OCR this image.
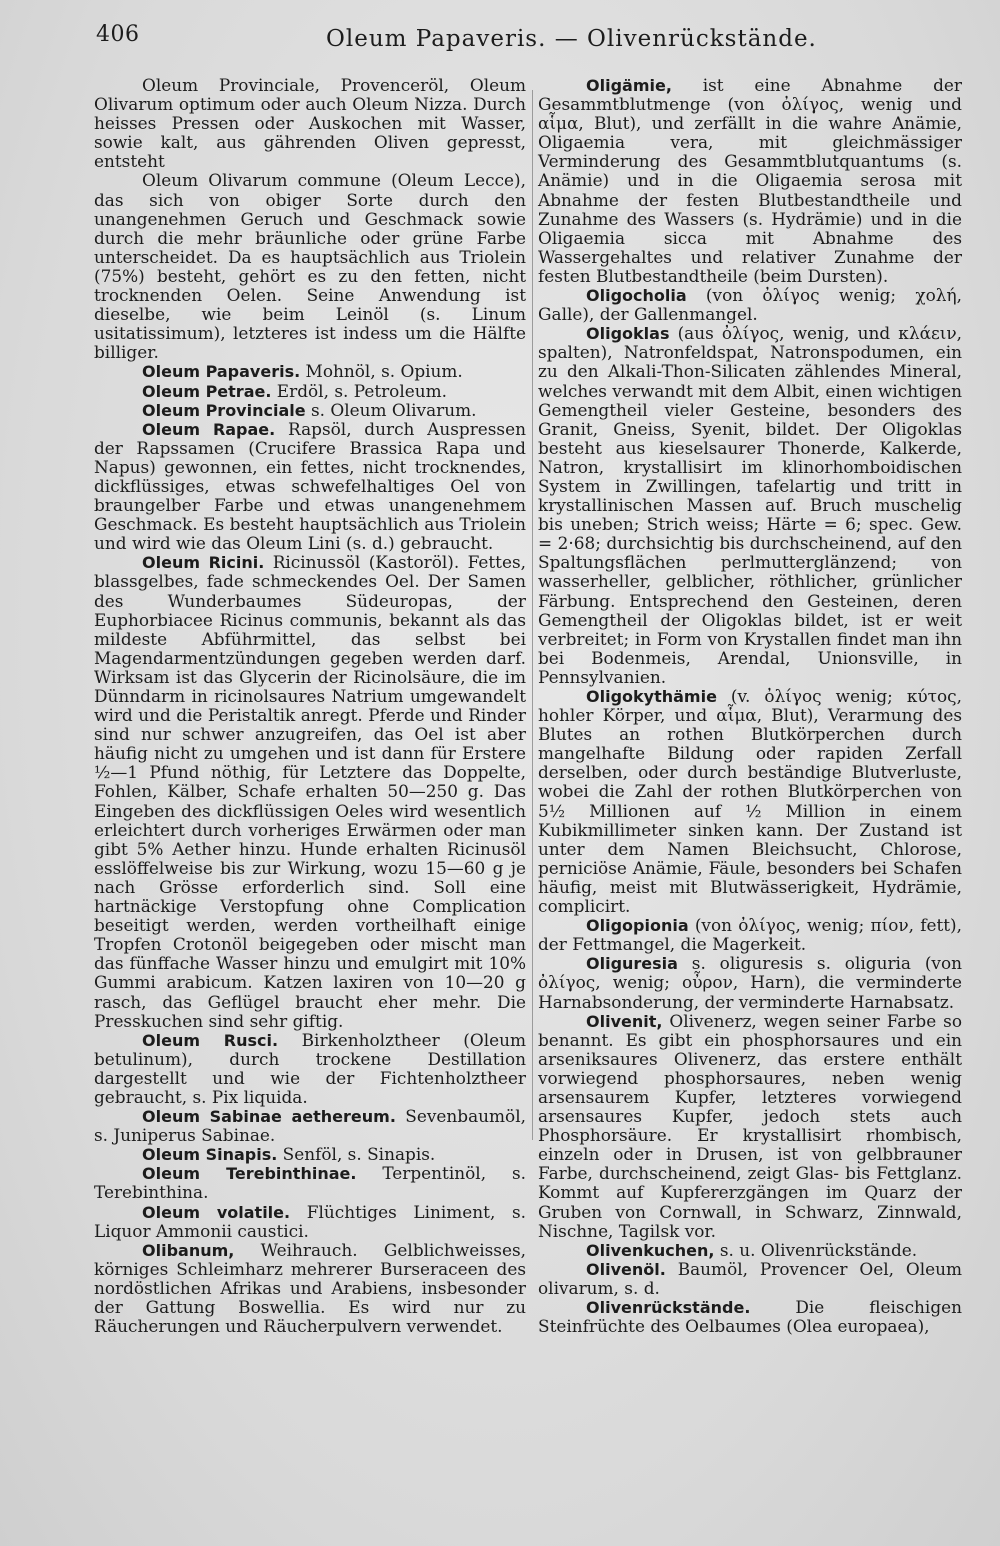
406	Oleum Papaveris. — Olivenrückstände.

Oleum Provinciale, Provenceröl, Oleum Olivarum optimum oder auch Oleum Nizza. Durch heisses Pressen oder Auskochen mit Wasser, sowie kalt, aus gährenden Oliven gepresst, entsteht

Oleum Olivarum commune (Oleum Lecce), das sich von obiger Sorte durch den unangenehmen Geruch und Geschmack sowie durch die mehr bräunliche oder grüne Farbe unterscheidet. Da es hauptsächlich aus Triolein (75%) besteht, gehört es zu den fetten, nicht trocknenden Oelen. Seine Anwendung ist dieselbe, wie beim Leinöl (s. Linum usitatissimum), letzteres ist indess um die Hälfte billiger.

Oleum Papaveris. Mohnöl, s. Opium.

Oleum Petrae. Erdöl, s. Petroleum.

Oleum Provinciale s. Oleum Olivarum.

Oleum Rapae. Rapsöl, durch Auspressen der Rapssamen (Crucifere Brassica Rapa und Napus) gewonnen, ein fettes, nicht trocknendes, dickflüssiges, etwas schwefelhaltiges Oel von braungelber Farbe und etwas unangenehmem Geschmack. Es besteht hauptsächlich aus Triolein und wird wie das Oleum Lini (s. d.) gebraucht.

Oleum Ricini. Ricinussöl (Kastoröl). Fettes, blassgelbes, fade schmeckendes Oel. Der Samen des Wunderbaumes Südeuropas, der Euphorbiacee Ricinus communis, bekannt als das mildeste Abführmittel, das selbst bei Magendarmentzündungen gegeben werden darf. Wirksam ist das Glycerin der Ricinolsäure, die im Dünndarm in ricinolsaures Natrium umgewandelt wird und die Peristaltik anregt. Pferde und Rinder sind nur schwer anzugreifen, das Oel ist aber häufig nicht zu umgehen und ist dann für Erstere ½—1 Pfund nöthig, für Letztere das Doppelte, Fohlen, Kälber, Schafe erhalten 50—250 g. Das Eingeben des dickflüssigen Oeles wird wesentlich erleichtert durch vorheriges Erwärmen oder man gibt 5% Aether hinzu. Hunde erhalten Ricinusöl esslöffelweise bis zur Wirkung, wozu 15—60 g je nach Grösse erforderlich sind. Soll eine hartnäckige Verstopfung ohne Complication beseitigt werden, werden vortheilhaft einige Tropfen Crotonöl beigegeben oder mischt man das fünffache Wasser hinzu und emulgirt mit 10% Gummi arabicum. Katzen laxiren von 10—20 g rasch, das Geflügel braucht eher mehr. Die Presskuchen sind sehr giftig.

Oleum Rusci. Birkenholztheer (Oleum betulinum), durch trockene Destillation dargestellt und wie der Fichtenholztheer gebraucht, s. Pix liquida.

Oleum Sabinae aethereum. Sevenbaumöl, s. Juniperus Sabinae.

Oleum Sinapis. Senföl, s. Sinapis.

Oleum Terebinthinae. Terpentinöl, s. Terebinthina.

Oleum volatile. Flüchtiges Liniment, s. Liquor Ammonii caustici.

Olibanum, Weihrauch. Gelblichweisses, körniges Schleimharz mehrerer Burseraceen des nordöstlichen Afrikas und Arabiens, insbesonder der Gattung Boswellia. Es wird nur zu Räucherungen und Räucherpulvern verwendet.

Oligämie, ist eine Abnahme der Gesammtblutmenge (von ὀλίγος, wenig und αἷμα, Blut), und zerfällt in die wahre Anämie, Oligaemia vera, mit gleichmässiger Verminderung des Gesammtblutquantums (s. Anämie) und in die Oligaemia serosa mit Abnahme der festen Blutbestandtheile und Zunahme des Wassers (s. Hydrämie) und in die Oligaemia sicca mit Abnahme des Wassergehaltes und relativer Zunahme der festen Blutbestandtheile (beim Dursten).

Oligocholia (von ὀλίγος wenig; χολή, Galle), der Gallenmangel.

Oligoklas (aus ὀλίγος, wenig, und κλάειν, spalten), Natronfeldspat, Natronspodumen, ein zu den Alkali-Thon-Silicaten zählendes Mineral, welches verwandt mit dem Albit, einen wichtigen Gemengtheil vieler Gesteine, besonders des Granit, Gneiss, Syenit, bildet. Der Oligoklas besteht aus kieselsaurer Thonerde, Kalkerde, Natron, krystallisirt im klinorhomboidischen System in Zwillingen, tafelartig und tritt in krystallinischen Massen auf. Bruch muschelig bis uneben; Strich weiss; Härte = 6; spec. Gew. = 2·68; durchsichtig bis durchscheinend, auf den Spaltungsflächen perlmutterglänzend; von wasserheller, gelblicher, röthlicher, grünlicher Färbung. Entsprechend den Gesteinen, deren Gemengtheil der Oligoklas bildet, ist er weit verbreitet; in Form von Krystallen findet man ihn bei Bodenmeis, Arendal, Unionsville, in Pennsylvanien.

Oligokythämie (v. ὀλίγος wenig; κύτος, hohler Körper, und αἷμα, Blut), Verarmung des Blutes an rothen Blutkörperchen durch mangelhafte Bildung oder rapiden Zerfall derselben, oder durch beständige Blutverluste, wobei die Zahl der rothen Blutkörperchen von 5½ Millionen auf ½ Million in einem Kubikmillimeter sinken kann. Der Zustand ist unter dem Namen Bleichsucht, Chlorose, perniciöse Anämie, Fäule, besonders bei Schafen häufig, meist mit Blutwässerigkeit, Hydrämie, complicirt.

Oligopionia (von ὀλίγος, wenig; πίον, fett), der Fettmangel, die Magerkeit.

Oliguresia s. oliguresis s. oliguria (von ὀλίγος, wenig; οὖρον, Harn), die verminderte Harnabsonderung, der verminderte Harnabsatz.

Olivenit, Olivenerz, wegen seiner Farbe so benannt. Es gibt ein phosphorsaures und ein arseniksaures Olivenerz, das erstere enthält vorwiegend phosphorsaures, neben wenig arsensaurem Kupfer, letzteres vorwiegend arsensaures Kupfer, jedoch stets auch Phosphorsäure. Er krystallisirt rhombisch, einzeln oder in Drusen, ist von gelbbrauner Farbe, durchscheinend, zeigt Glas- bis Fettglanz. Kommt auf Kupfererzgängen im Quarz der Gruben von Cornwall, in Schwarz, Zinnwald, Nischne, Tagilsk vor.

Olivenkuchen, s. u. Olivenrückstände.

Olivenöl. Baumöl, Provencer Oel, Oleum olivarum, s. d.

Olivenrückstände. Die fleischigen Steinfrüchte des Oelbaumes (Olea europaea),
